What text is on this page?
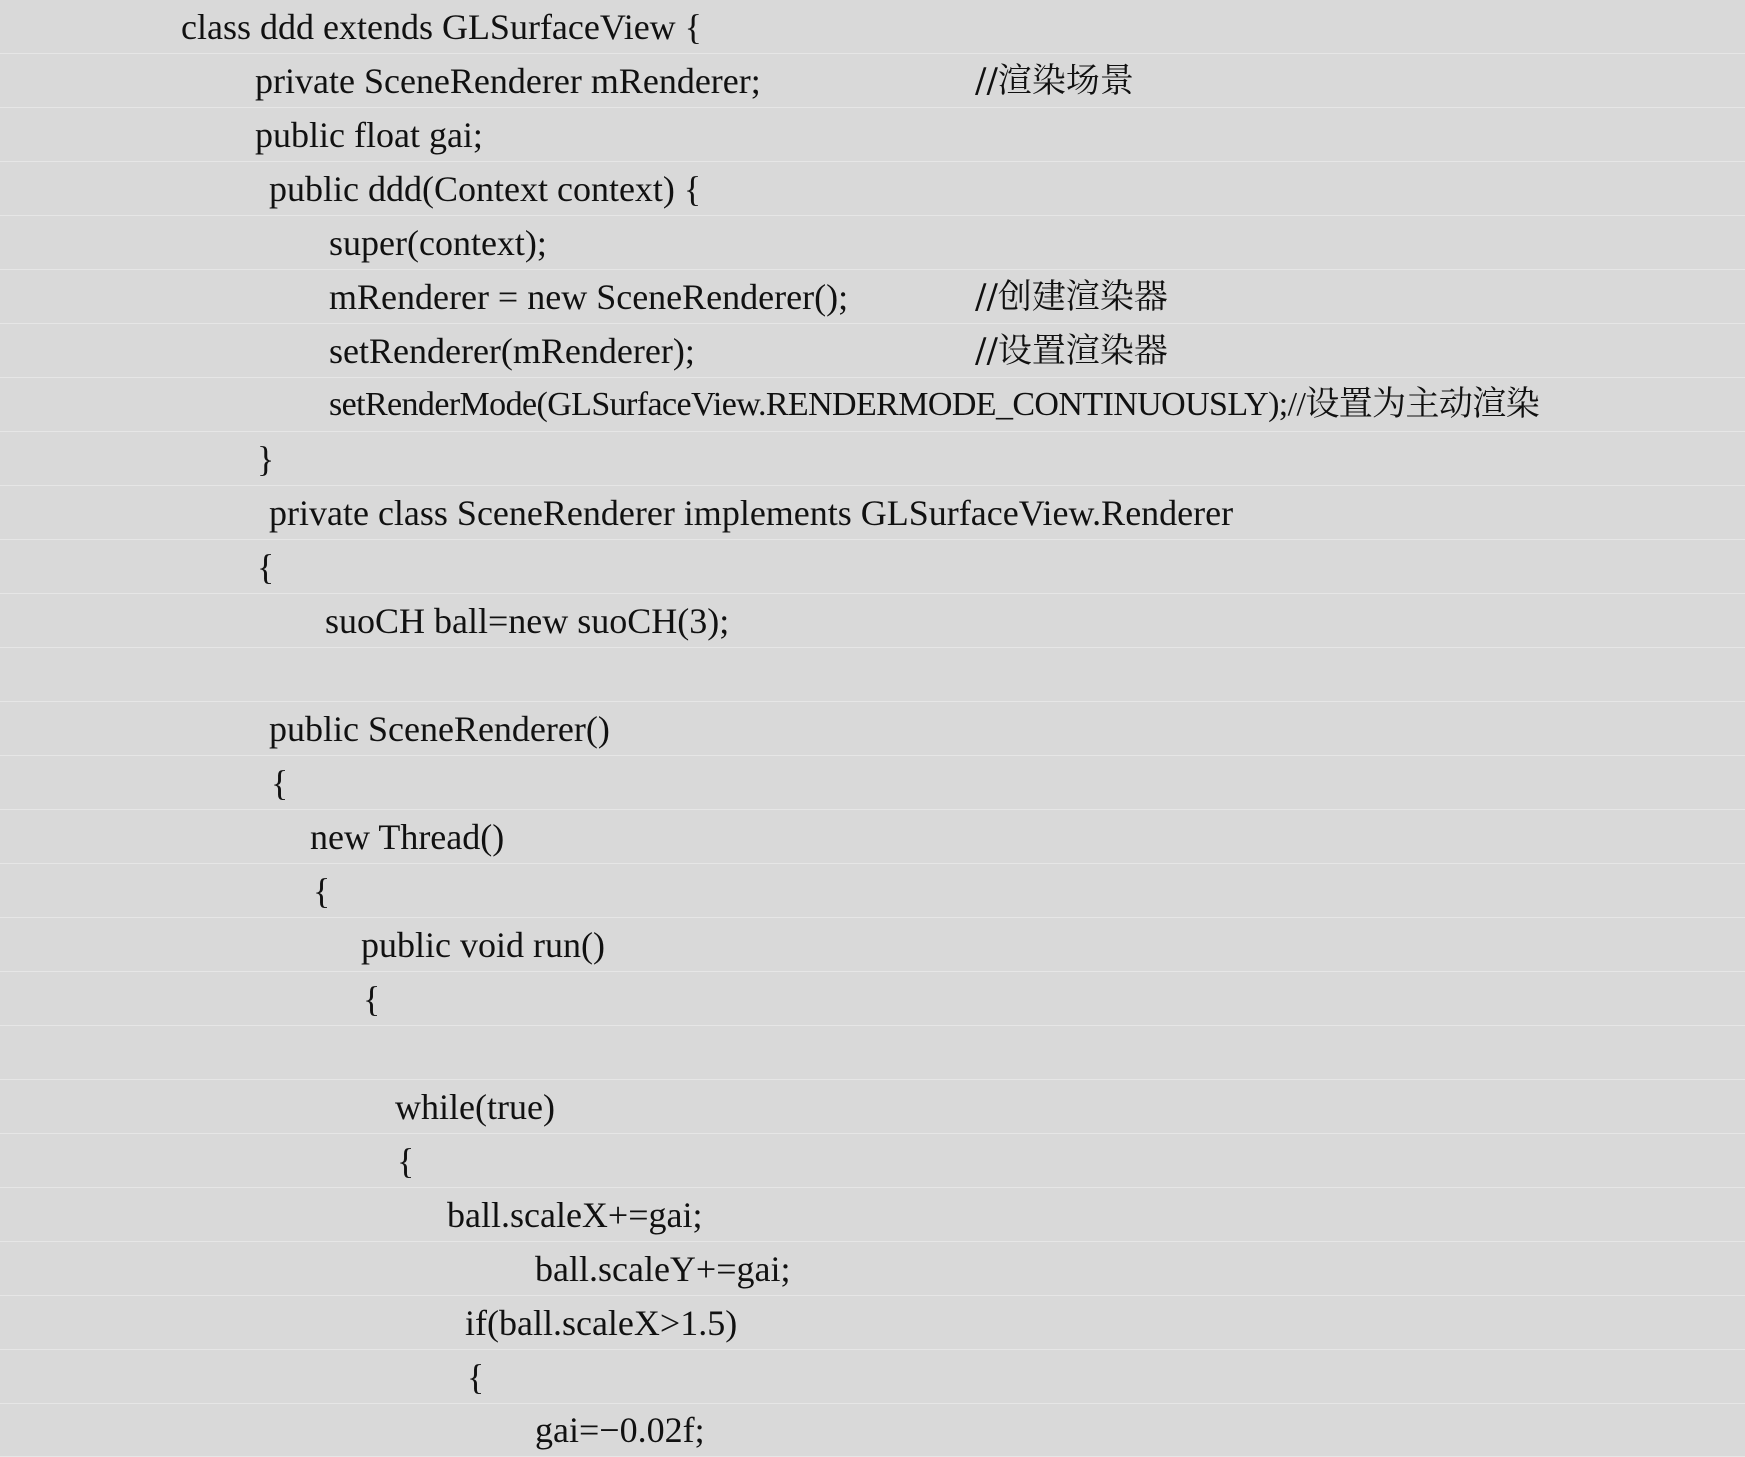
class ddd extends GLSurfaceView {
private SceneRenderer mRenderer;	//渲染场景
public float gai;
public ddd(Context context) {
super(context);
mRenderer = new SceneRenderer();	//创建渲染器
setRenderer(mRenderer);	//设置渲染器
setRenderMode(GLSurfaceView.RENDERMODE_CONTINUOUSLY);//设置为主动渲染
}
private class SceneRenderer implements GLSurfaceView.Renderer
{
suoCH ball=new suoCH(3);
public SceneRenderer()
{
new Thread()
{
public void run()
{
while(true)
{
ball.scaleX+=gai;
ball.scaleY+=gai;
if(ball.scaleX>1.5)
{
gai=−0.02f;
